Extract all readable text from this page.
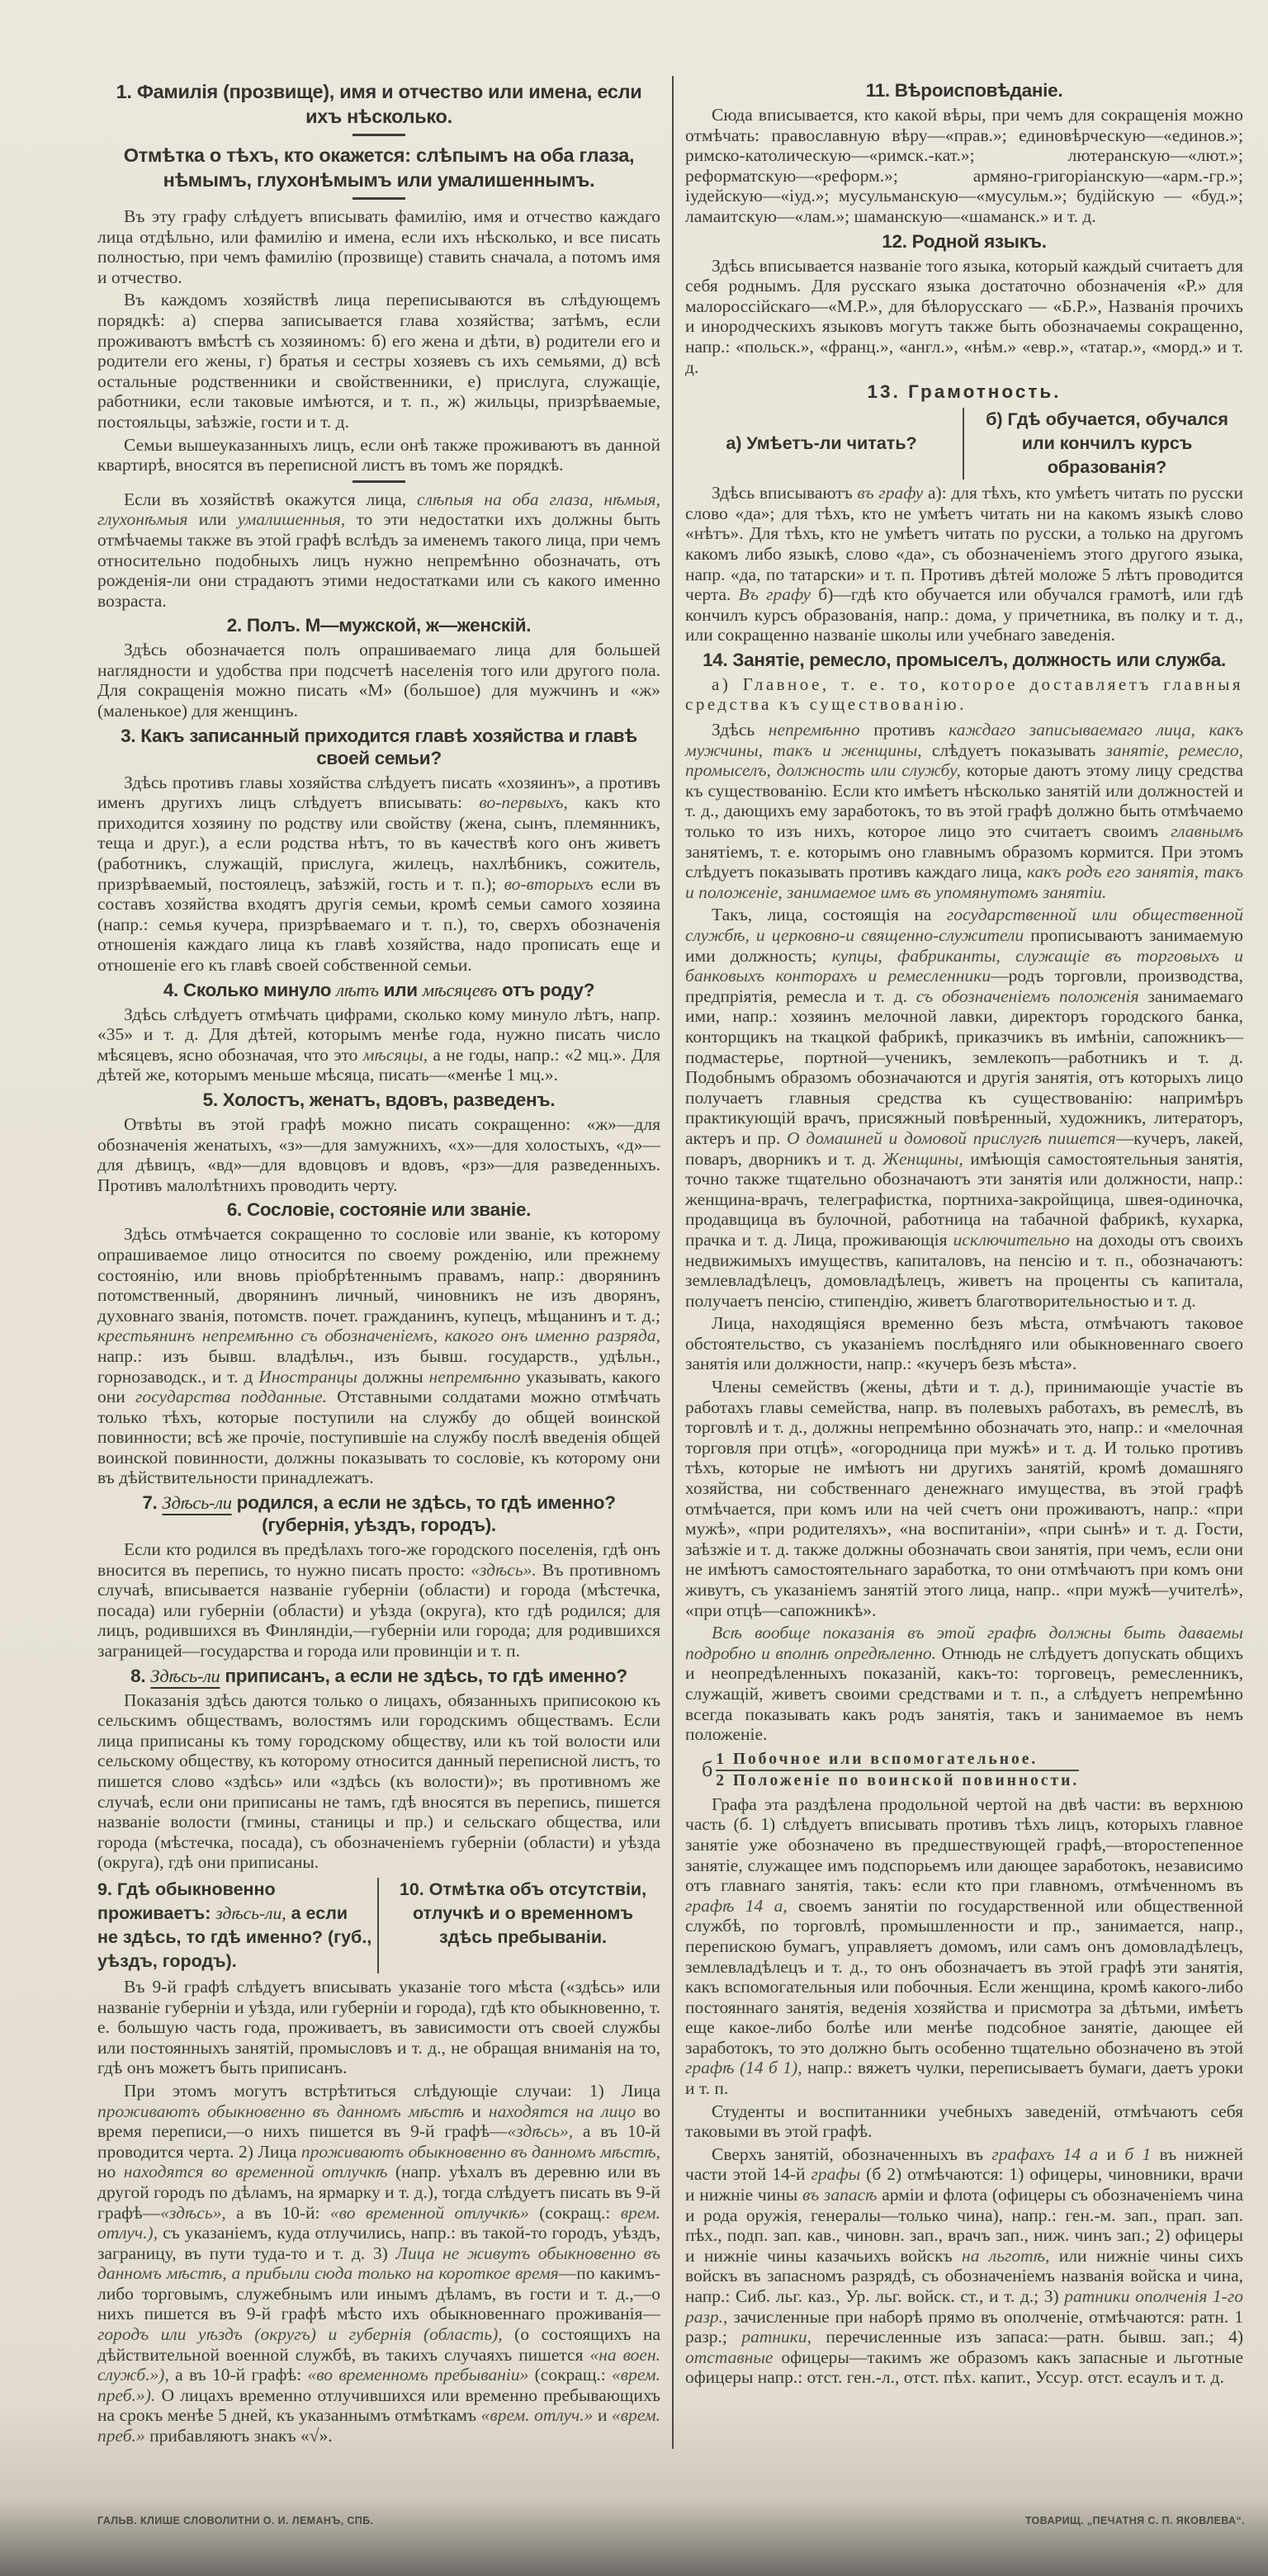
1. Фамилія (прозвище), имя и отчество или имена, если ихъ нѣсколько.
Отмѣтка о тѣхъ, кто окажется: слѣпымъ на оба глаза, нѣмымъ, глухонѣмымъ или умалишеннымъ.
Въ эту графу слѣдуетъ вписывать фамилію, имя и отчество каждаго лица отдѣльно, или фамилію и имена, если ихъ нѣсколько, и все писать полностью, при чемъ фамилію (прозвище) ставить сначала, а потомъ имя и отчество.
Въ каждомъ хозяйствѣ лица переписываются въ слѣдующемъ порядкѣ: а) сперва записывается глава хозяйства; затѣмъ, если проживаютъ вмѣстѣ съ хозяиномъ: б) его жена и дѣти, в) родители его и родители его жены, г) братья и сестры хозяевъ съ ихъ семьями, д) всѣ остальные родственники и свойственники, е) прислуга, служащіе, работники, если таковые имѣются, и т. п., ж) жильцы, призрѣваемые, постояльцы, заѣзжіе, гости и т. д.
Семьи вышеуказанныхъ лицъ, если онѣ также проживаютъ въ данной квартирѣ, вносятся въ переписной листъ въ томъ же порядкѣ.
Если въ хозяйствѣ окажутся лица, слѣпыя на оба глаза, нѣмыя, глухонѣмыя или умалишенныя, то эти недостатки ихъ должны быть отмѣчаемы также въ этой графѣ вслѣдъ за именемъ такого лица, при чемъ относительно подобныхъ лицъ нужно непремѣнно обозначать, отъ рожденія-ли они страдаютъ этими недостатками или съ какого именно возраста.
2. Полъ. М—мужской, ж—женскій.
Здѣсь обозначается полъ опрашиваемаго лица для большей наглядности и удобства при подсчетѣ населенія того или другого пола. Для сокращенія можно писать «М» (большое) для мужчинъ и «ж» (маленькое) для женщинъ.
3. Какъ записанный приходится главѣ хозяйства и главѣ своей семьи?
Здѣсь противъ главы хозяйства слѣдуетъ писать «хозяинъ», а противъ именъ другихъ лицъ слѣдуетъ вписывать: во-первыхъ, какъ кто приходится хозяину по родству или свойству (жена, сынъ, племянникъ, теща и друг.), а если родства нѣтъ, то въ качествѣ кого онъ живетъ (работникъ, служащій, прислуга, жилецъ, нахлѣбникъ, сожитель, призрѣваемый, постоялецъ, заѣзжій, гость и т. п.); во-вторыхъ если въ составъ хозяйства входятъ другія семьи, кромѣ семьи самого хозяина (напр.: семья кучера, призрѣваемаго и т. п.), то, сверхъ обозначенія отношенія каждаго лица къ главѣ хозяйства, надо прописать еще и отношеніе его къ главѣ своей собственной семьи.
4. Сколько минуло лѣтъ или мѣсяцевъ отъ роду?
Здѣсь слѣдуетъ отмѣчать цифрами, сколько кому минуло лѣтъ, напр. «35» и т. д. Для дѣтей, которымъ менѣе года, нужно писать число мѣсяцевъ, ясно обозначая, что это мѣсяцы, а не годы, напр.: «2 мц.». Для дѣтей же, которымъ меньше мѣсяца, писать—«менѣе 1 мц.».
5. Холостъ, женатъ, вдовъ, разведенъ.
Отвѣты въ этой графѣ можно писать сокращенно: «ж»—для обозначенія женатыхъ, «з»—для замужнихъ, «х»—для холостыхъ, «д»—для дѣвицъ, «вд»—для вдовцовъ и вдовъ, «рз»—для разведенныхъ. Противъ малолѣтнихъ проводить черту.
6. Сословіе, состояніе или званіе.
Здѣсь отмѣчается сокращенно то сословіе или званіе, къ которому опрашиваемое лицо относится по своему рожденію, или прежнему состоянію, или вновь пріобрѣтеннымъ правамъ, напр.: дворянинъ потомственный, дворянинъ личный, чиновникъ не изъ дворянъ, духовнаго званія, потомств. почет. гражданинъ, купецъ, мѣщанинъ и т. д.; крестьянинъ непремѣнно съ обозначеніемъ, какого онъ именно разряда, напр.: изъ бывш. владѣльч., изъ бывш. государств., удѣльн., горнозаводск., и т. д Иностранцы должны непремѣнно указывать, какого они государства подданные. Отставными солдатами можно отмѣчать только тѣхъ, которые поступили на службу до общей воинской повинности; всѣ же прочіе, поступившіе на службу послѣ введенія общей воинской повинности, должны показывать то сословіе, къ которому они въ дѣйствительности принадлежатъ.
7. Здѣсь-ли родился, а если не здѣсь, то гдѣ именно? (губернія, уѣздъ, городъ).
Если кто родился въ предѣлахъ того-же городского поселенія, гдѣ онъ вносится въ перепись, то нужно писать просто: «здѣсь». Въ противномъ случаѣ, вписывается названіе губерніи (области) и города (мѣстечка, посада) или губерніи (области) и уѣзда (округа), кто гдѣ родился; для лицъ, родившихся въ Финляндіи,—губерніи или города; для родившихся заграницей—государства и города или провинціи и т. п.
8. Здѣсь-ли приписанъ, а если не здѣсь, то гдѣ именно?
Показанія здѣсь даются только о лицахъ, обязанныхъ приписокою къ сельскимъ обществамъ, волостямъ или городскимъ обществамъ. Если лица приписаны къ тому городскому обществу, или къ той волости или сельскому обществу, къ которому относится данный переписной листъ, то пишется слово «здѣсь» или «здѣсь (къ волости)»; въ противномъ же случаѣ, если они приписаны не тамъ, гдѣ вносятся въ перепись, пишется названіе волости (гмины, станицы и пр.) и сельскаго общества, или города (мѣстечка, посада), съ обозначеніемъ губерніи (области) и уѣзда (округа), гдѣ они приписаны.
9. Гдѣ обыкновенно проживаетъ: здѣсь-ли, а если не здѣсь, то гдѣ именно? (губ., уѣздъ, городъ).
10. Отмѣтка объ отсутствіи, отлучкѣ и о временномъ здѣсь пребываніи.
Въ 9-й графѣ слѣдуетъ вписывать указаніе того мѣста («здѣсь» или названіе губерніи и уѣзда, или губерніи и города), гдѣ кто обыкновенно, т. е. большую часть года, проживаетъ, въ зависимости отъ своей службы или постоянныхъ занятій, промысловъ и т. д., не обращая вниманія на то, гдѣ онъ можетъ быть приписанъ.
При этомъ могутъ встрѣтиться слѣдующіе случаи: 1) Лица проживаютъ обыкновенно въ данномъ мѣстѣ и находятся на лицо во время переписи,—о нихъ пишется въ 9-й графѣ—«здѣсь», а въ 10-й проводится черта. 2) Лица проживаютъ обыкновенно въ данномъ мѣстѣ, но находятся во временной отлучкѣ (напр. уѣхалъ въ деревню или въ другой городъ по дѣламъ, на ярмарку и т. д.), тогда слѣдуетъ писать въ 9-й графѣ—«здѣсь», а въ 10-й: «во временной отлучкѣ» (сокращ.: врем. отлуч.), съ указаніемъ, куда отлучились, напр.: въ такой-то городъ, уѣздъ, заграницу, въ пути туда-то и т. д. 3) Лица не живутъ обыкновенно въ данномъ мѣстѣ, а прибыли сюда только на короткое время—по какимъ-либо торговымъ, служебнымъ или инымъ дѣламъ, въ гости и т. д.,—о нихъ пишется въ 9-й графѣ мѣсто ихъ обыкновеннаго проживанія—городъ или уѣздъ (округъ) и губернія (область), (о состоящихъ на дѣйствительной военной службѣ, въ такихъ случаяхъ пишется «на воен. служб.»), а въ 10-й графѣ: «во временномъ пребываніи» (сокращ.: «врем. преб.»). О лицахъ временно отлучившихся или временно пребывающихъ на срокъ менѣе 5 дней, къ указаннымъ отмѣткамъ «врем. отлуч.» и «врем. преб.» прибавляютъ знакъ «√».
11. Вѣроисповѣданіе.
Сюда вписывается, кто какой вѣры, при чемъ для сокращенія можно отмѣчать: православную вѣру—«прав.»; единовѣрческую—«единов.»; римско-католическую—«римск.-кат.»; лютеранскую—«лют.»; реформатскую—«реформ.»; армяно-григоріанскую—«арм.-гр.»; іудейскую—«іуд.»; мусульманскую—«мусульм.»; будійскую — «буд.»; ламаитскую—«лам.»; шаманскую—«шаманск.» и т. д.
12. Родной языкъ.
Здѣсь вписывается названіе того языка, который каждый считаетъ для себя роднымъ. Для русскаго языка достаточно обозначенія «Р.» для малороссійскаго—«М.Р.», для бѣлорусскаго — «Б.Р.», Названія прочихъ и инородческихъ языковъ могутъ также быть обозначаемы сокращенно, напр.: «польск.», «франц.», «англ.», «нѣм.» «евр.», «татар.», «морд.» и т. д.
13. Грамотность.
а) Умѣетъ-ли читать?
б) Гдѣ обучается, обучался или кончилъ курсъ образованія?
Здѣсь вписываютъ въ графу а): для тѣхъ, кто умѣетъ читать по русски слово «да»; для тѣхъ, кто не умѣетъ читать ни на какомъ языкѣ слово «нѣтъ». Для тѣхъ, кто не умѣетъ читать по русски, а только на другомъ какомъ либо языкѣ, слово «да», съ обозначеніемъ этого другого языка, напр. «да, по татарски» и т. п. Противъ дѣтей моложе 5 лѣтъ проводится черта. Въ графу б)—гдѣ кто обучается или обучался грамотѣ, или гдѣ кончилъ курсъ образованія, напр.: дома, у причетника, въ полку и т. д., или сокращенно названіе школы или учебнаго заведенія.
14. Занятіе, ремесло, промыселъ, должность или служба.
а) Главное, т. е. то, которое доставляетъ главныя средства къ существованію.
Здѣсь непремѣнно противъ каждаго записываемаго лица, какъ мужчины, такъ и женщины, слѣдуетъ показывать занятіе, ремесло, промыселъ, должность или службу, которые даютъ этому лицу средства къ существованію. Если кто имѣетъ нѣсколько занятій или должностей и т. д., дающихъ ему заработокъ, то въ этой графѣ должно быть отмѣчаемо только то изъ нихъ, которое лицо это считаетъ своимъ главнымъ занятіемъ, т. е. которымъ оно главнымъ образомъ кормится. При этомъ слѣдуетъ показывать противъ каждаго лица, какъ родъ его занятія, такъ и положеніе, занимаемое имъ въ упомянутомъ занятіи.
Такъ, лица, состоящія на государственной или общественной службѣ, и церковно-и священно-служители прописываютъ занимаемую ими должность; купцы, фабриканты, служащіе въ торговыхъ и банковыхъ конторахъ и ремесленники—родъ торговли, производства, предпріятія, ремесла и т. д. съ обозначеніемъ положенія занимаемаго ими, напр.: хозяинъ мелочной лавки, директоръ городского банка, конторщикъ на ткацкой фабрикѣ, приказчикъ въ имѣніи, сапожникъ—подмастерье, портной—ученикъ, землекопъ—работникъ и т. д. Подобнымъ образомъ обозначаются и другія занятія, отъ которыхъ лицо получаетъ главныя средства къ существованію: напримѣръ практикующій врачъ, присяжный повѣренный, художникъ, литераторъ, актеръ и пр. О домашней и домовой прислугѣ пишется—кучеръ, лакей, поваръ, дворникъ и т. д. Женщины, имѣющія самостоятельныя занятія, точно также тщательно обозначаютъ эти занятія или должности, напр.: женщина-врачъ, телеграфистка, портниха-закройщица, швея-одиночка, продавщица въ булочной, работница на табачной фабрикѣ, кухарка, прачка и т. д. Лица, проживающія исключительно на доходы отъ своихъ недвижимыхъ имуществъ, капиталовъ, на пенсію и т. п., обозначаютъ: землевладѣлецъ, домовладѣлецъ, живетъ на проценты съ капитала, получаетъ пенсію, стипендію, живетъ благотворительностью и т. д.
Лица, находящіяся временно безъ мѣста, отмѣчаютъ таковое обстоятельство, съ указаніемъ послѣдняго или обыкновеннаго своего занятія или должности, напр.: «кучеръ безъ мѣста».
Члены семействъ (жены, дѣти и т. д.), принимающіе участіе въ работахъ главы семейства, напр. въ полевыхъ работахъ, въ ремеслѣ, въ торговлѣ и т. д., должны непремѣнно обозначать это, напр.: и «мелочная торговля при отцѣ», «огородница при мужѣ» и т. д. И только противъ тѣхъ, которые не имѣютъ ни другихъ занятій, кромѣ домашняго хозяйства, ни собственнаго денежнаго имущества, въ этой графѣ отмѣчается, при комъ или на чей счетъ они проживаютъ, напр.: «при мужѣ», «при родителяхъ», «на воспитаніи», «при сынѣ» и т. д. Гости, заѣзжіе и т. д. также должны обозначать свои занятія, при чемъ, если они не имѣютъ самостоятельнаго заработка, то они отмѣчаютъ при комъ они живутъ, съ указаніемъ занятій этого лица, напр.. «при мужѣ—учителѣ», «при отцѣ—сапожникѣ».
Всѣ вообще показанія въ этой графѣ должны быть даваемы подробно и вполнѣ опредѣленно. Отнюдь не слѣдуетъ допускать общихъ и неопредѣленныхъ показаній, какъ-то: торговецъ, ремесленникъ, служащій, живетъ своими средствами и т. п., а слѣдуетъ непремѣнно всегда показывать какъ родъ занятія, такъ и занимаемое въ немъ положеніе.
б 1 Побочное или вспомогательное.
2 Положеніе по воинской повинности.
Графа эта раздѣлена продольной чертой на двѣ части: въ верхнюю часть (б. 1) слѣдуетъ вписывать противъ тѣхъ лицъ, которыхъ главное занятіе уже обозначено въ предшествующей графѣ,—второстепенное занятіе, служащее имъ подспорьемъ или дающее заработокъ, независимо отъ главнаго занятія, такъ: если кто при главномъ, отмѣченномъ въ графѣ 14 а, своемъ занятіи по государственной или общественной службѣ, по торговлѣ, промышленности и пр., занимается, напр., перепискою бумагъ, управляетъ домомъ, или самъ онъ домовладѣлецъ, землевладѣлецъ и т. д., то онъ обозначаетъ въ этой графѣ эти занятія, какъ вспомогательныя или побочныя. Если женщина, кромѣ какого-либо постояннаго занятія, веденія хозяйства и присмотра за дѣтьми, имѣетъ еще какое-либо болѣе или менѣе подсобное занятіе, дающее ей заработокъ, то это должно быть особенно тщательно обозначено въ этой графѣ (14 б 1), напр.: вяжетъ чулки, переписываетъ бумаги, даетъ уроки и т. п.
Студенты и воспитанники учебныхъ заведеній, отмѣчаютъ себя таковыми въ этой графѣ.
Сверхъ занятій, обозначенныхъ въ графахъ 14 а и б 1 въ нижней части этой 14-й графы (б 2) отмѣчаются: 1) офицеры, чиновники, врачи и нижніе чины въ запасѣ арміи и флота (офицеры съ обозначеніемъ чина и рода оружія, генералы—только чина), напр.: ген.-м. зап., прап. зап. пѣх., подп. зап. кав., чиновн. зап., врачъ зап., ниж. чинъ зап.; 2) офицеры и нижніе чины казачьихъ войскъ на льготѣ, или нижніе чины сихъ войскъ въ запасномъ разрядѣ, съ обозначеніемъ названія войска и чина, напр.: Сиб. льг. каз., Ур. льг. войск. ст., и т. д.; 3) ратники ополченія 1-го разр., зачисленные при наборѣ прямо въ ополченіе, отмѣчаются: ратн. 1 разр.; ратники, перечисленные изъ запаса:—ратн. бывш. зап.; 4) отставные офицеры—такимъ же образомъ какъ запасные и льготные офицеры напр.: отст. ген.-л., отст. пѣх. капит., Уссур. отст. есаулъ и т. д.
ГАЛЬВ. КЛИШЕ СЛОВОЛИТНИ О. И. ЛЕМАНЪ, СПБ.	ТОВАРИЩ. „ПЕЧАТНЯ С. П. ЯКОВЛЕВА“.
